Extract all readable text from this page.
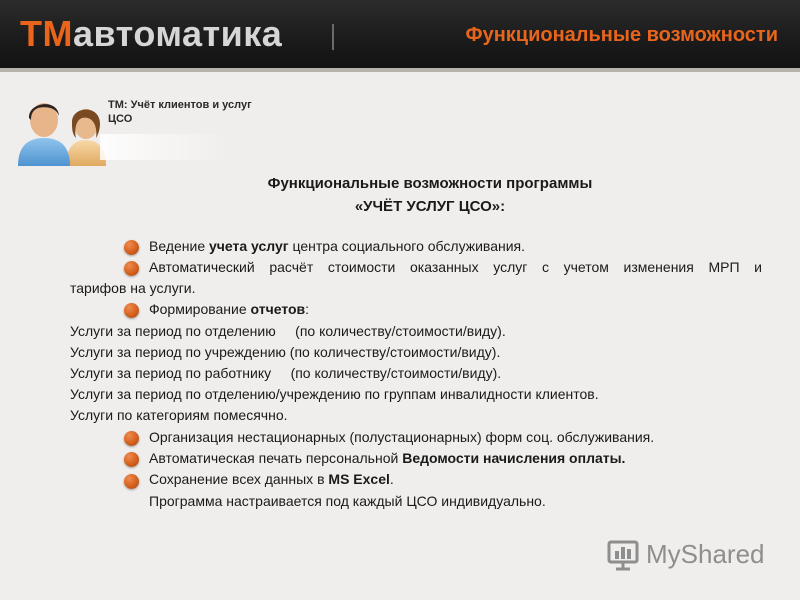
TMавтоматика	Функциональные возможности
ТМ: Учёт клиентов и услуг ЦСО
Функциональные возможности программы
«УЧЁТ УСЛУГ ЦСО»:
Ведение учета услуг центра социального обслуживания.
Автоматический расчёт стоимости оказанных услуг с учетом изменения МРП и
тарифов на услуги.
Формирование отчетов:
Услуги за период по отделению     (по количеству/стоимости/виду).
Услуги за период по учреждению (по количеству/стоимости/виду).
Услуги за период по работнику     (по количеству/стоимости/виду).
Услуги за период по отделению/учреждению по группам инвалидности клиентов.
Услуги по категориям помесячно.
Организация нестационарных (полустационарных) форм соц. обслуживания.
Автоматическая печать персональной Ведомости начисления оплаты.
Сохранение всех данных в MS Excel.
Программа настраивается под каждый ЦСО индивидуально.
MyShared
